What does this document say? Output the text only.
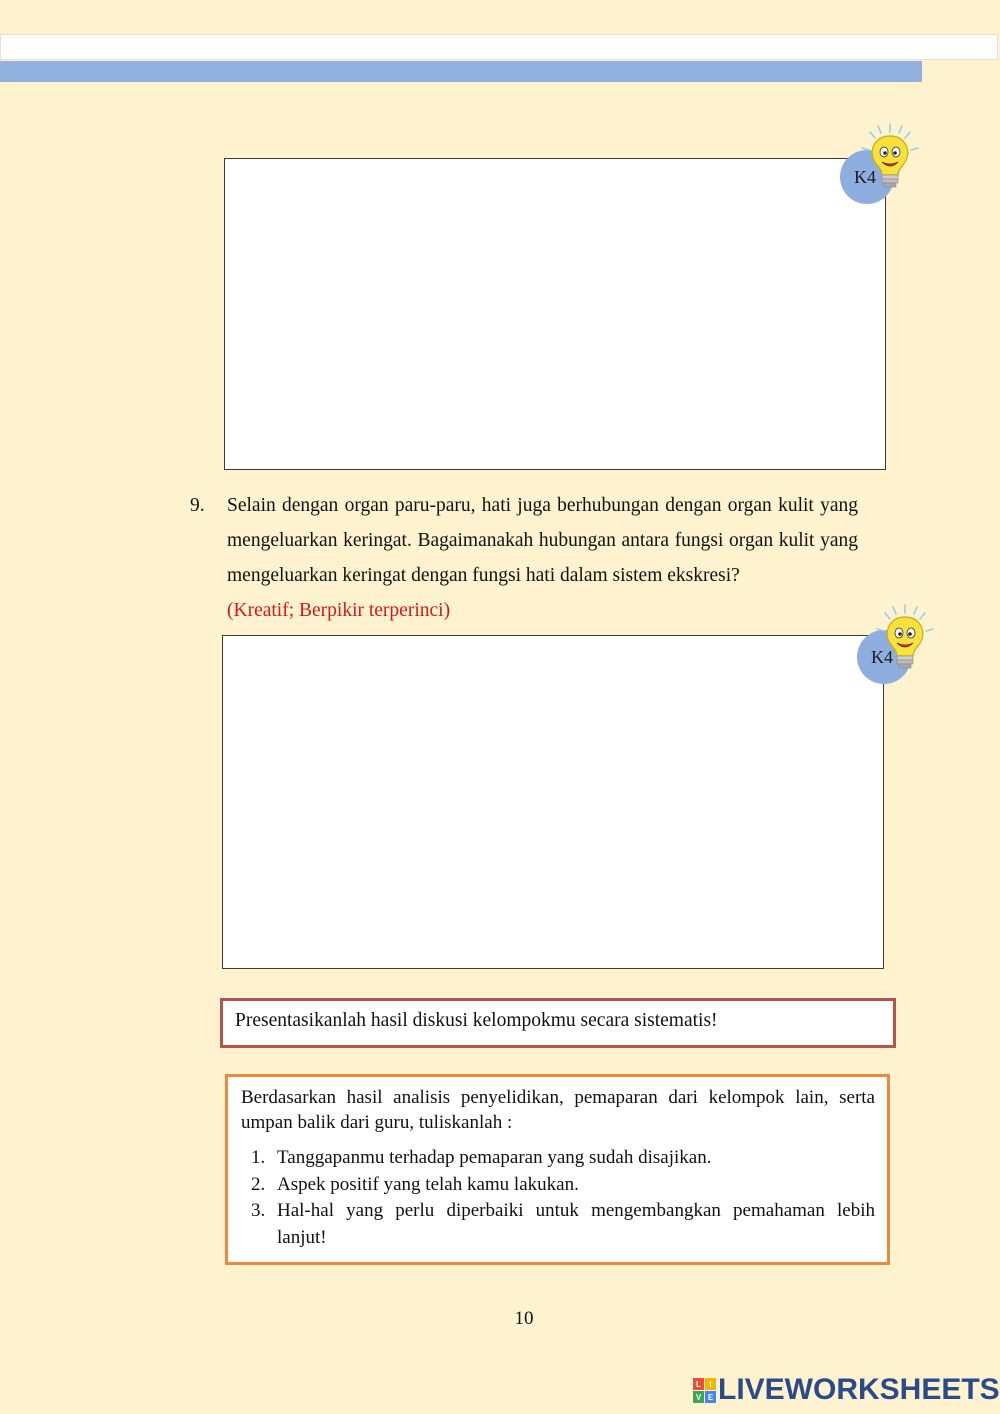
K4
9. Selain dengan organ paru-paru, hati juga berhubungan dengan organ kulit yang mengeluarkan keringat. Bagaimanakah hubungan antara fungsi organ kulit yang mengeluarkan keringat dengan fungsi hati dalam sistem ekskresi?
(Kreatif; Berpikir terperinci)
K4
Presentasikanlah hasil diskusi kelompokmu secara sistematis!

Berdasarkan hasil analisis penyelidikan, pemaparan dari kelompok lain, serta umpan balik dari guru, tuliskanlah :

1. Tanggapanmu terhadap pemaparan yang sudah disajikan.
2. Aspek positif yang telah kamu lakukan.
3. Hal-hal yang perlu diperbaiki untuk mengembangkan pemahaman lebih lanjut!
10
L	I
V E LIVEWORKSHEETS
